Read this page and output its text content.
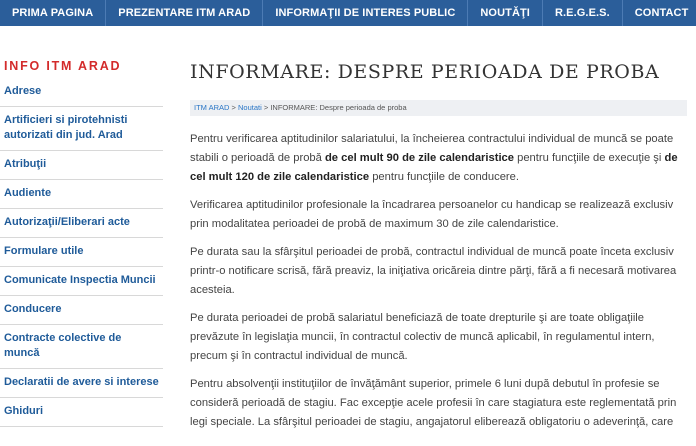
PRIMA PAGINA	PREZENTARE ITM ARAD	INFORMAŢII DE INTERES PUBLIC	NOUTĂŢI	R.E.G.E.S.	CONTACT
INFO ITM ARAD
Adrese
Artificieri si pirotehnisti autorizati din jud. Arad
Atribuţii
Audiente
Autorizaţii/Eliberari acte
Formulare utile
Comunicate Inspectia Muncii
Conducere
Contracte colective de muncă
Declaratii de avere si interese
Ghiduri
INFORMARE: DESPRE PERIOADA DE PROBA
ITM ARAD > Noutati > INFORMARE: Despre perioada de proba

Pentru verificarea aptitudinilor salariatului, la încheierea contractului individual de muncă se poate stabili o perioadă de probă de cel mult 90 de zile calendaristice pentru funcţiile de execuţie şi de cel mult 120 de zile calendaristice pentru funcţiile de conducere.

Verificarea aptitudinilor profesionale la încadrarea persoanelor cu handicap se realizează exclusiv prin modalitatea perioadei de probă de maximum 30 de zile calendaristice.

Pe durata sau la sfârşitul perioadei de probă, contractul individual de muncă poate înceta exclusiv printr-o notificare scrisă, fără preaviz, la iniţiativa oricăreia dintre părţi, fără a fi necesară motivarea acesteia.

Pe durata perioadei de probă salariatul beneficiază de toate drepturile şi are toate obligaţiile prevăzute în legislaţia muncii, în contractul colectiv de muncă aplicabil, în regulamentul intern, precum şi în contractul individual de muncă.

Pentru absolvenţii instituţiilor de învăţământ superior, primele 6 luni după debutul în profesie se consideră perioadă de stagiu. Fac excepţie acele profesii în care stagiatura este reglementată prin legi speciale. La sfârşitul perioadei de stagiu, angajatorul eliberează obligatoriu o adeverinţă, care
